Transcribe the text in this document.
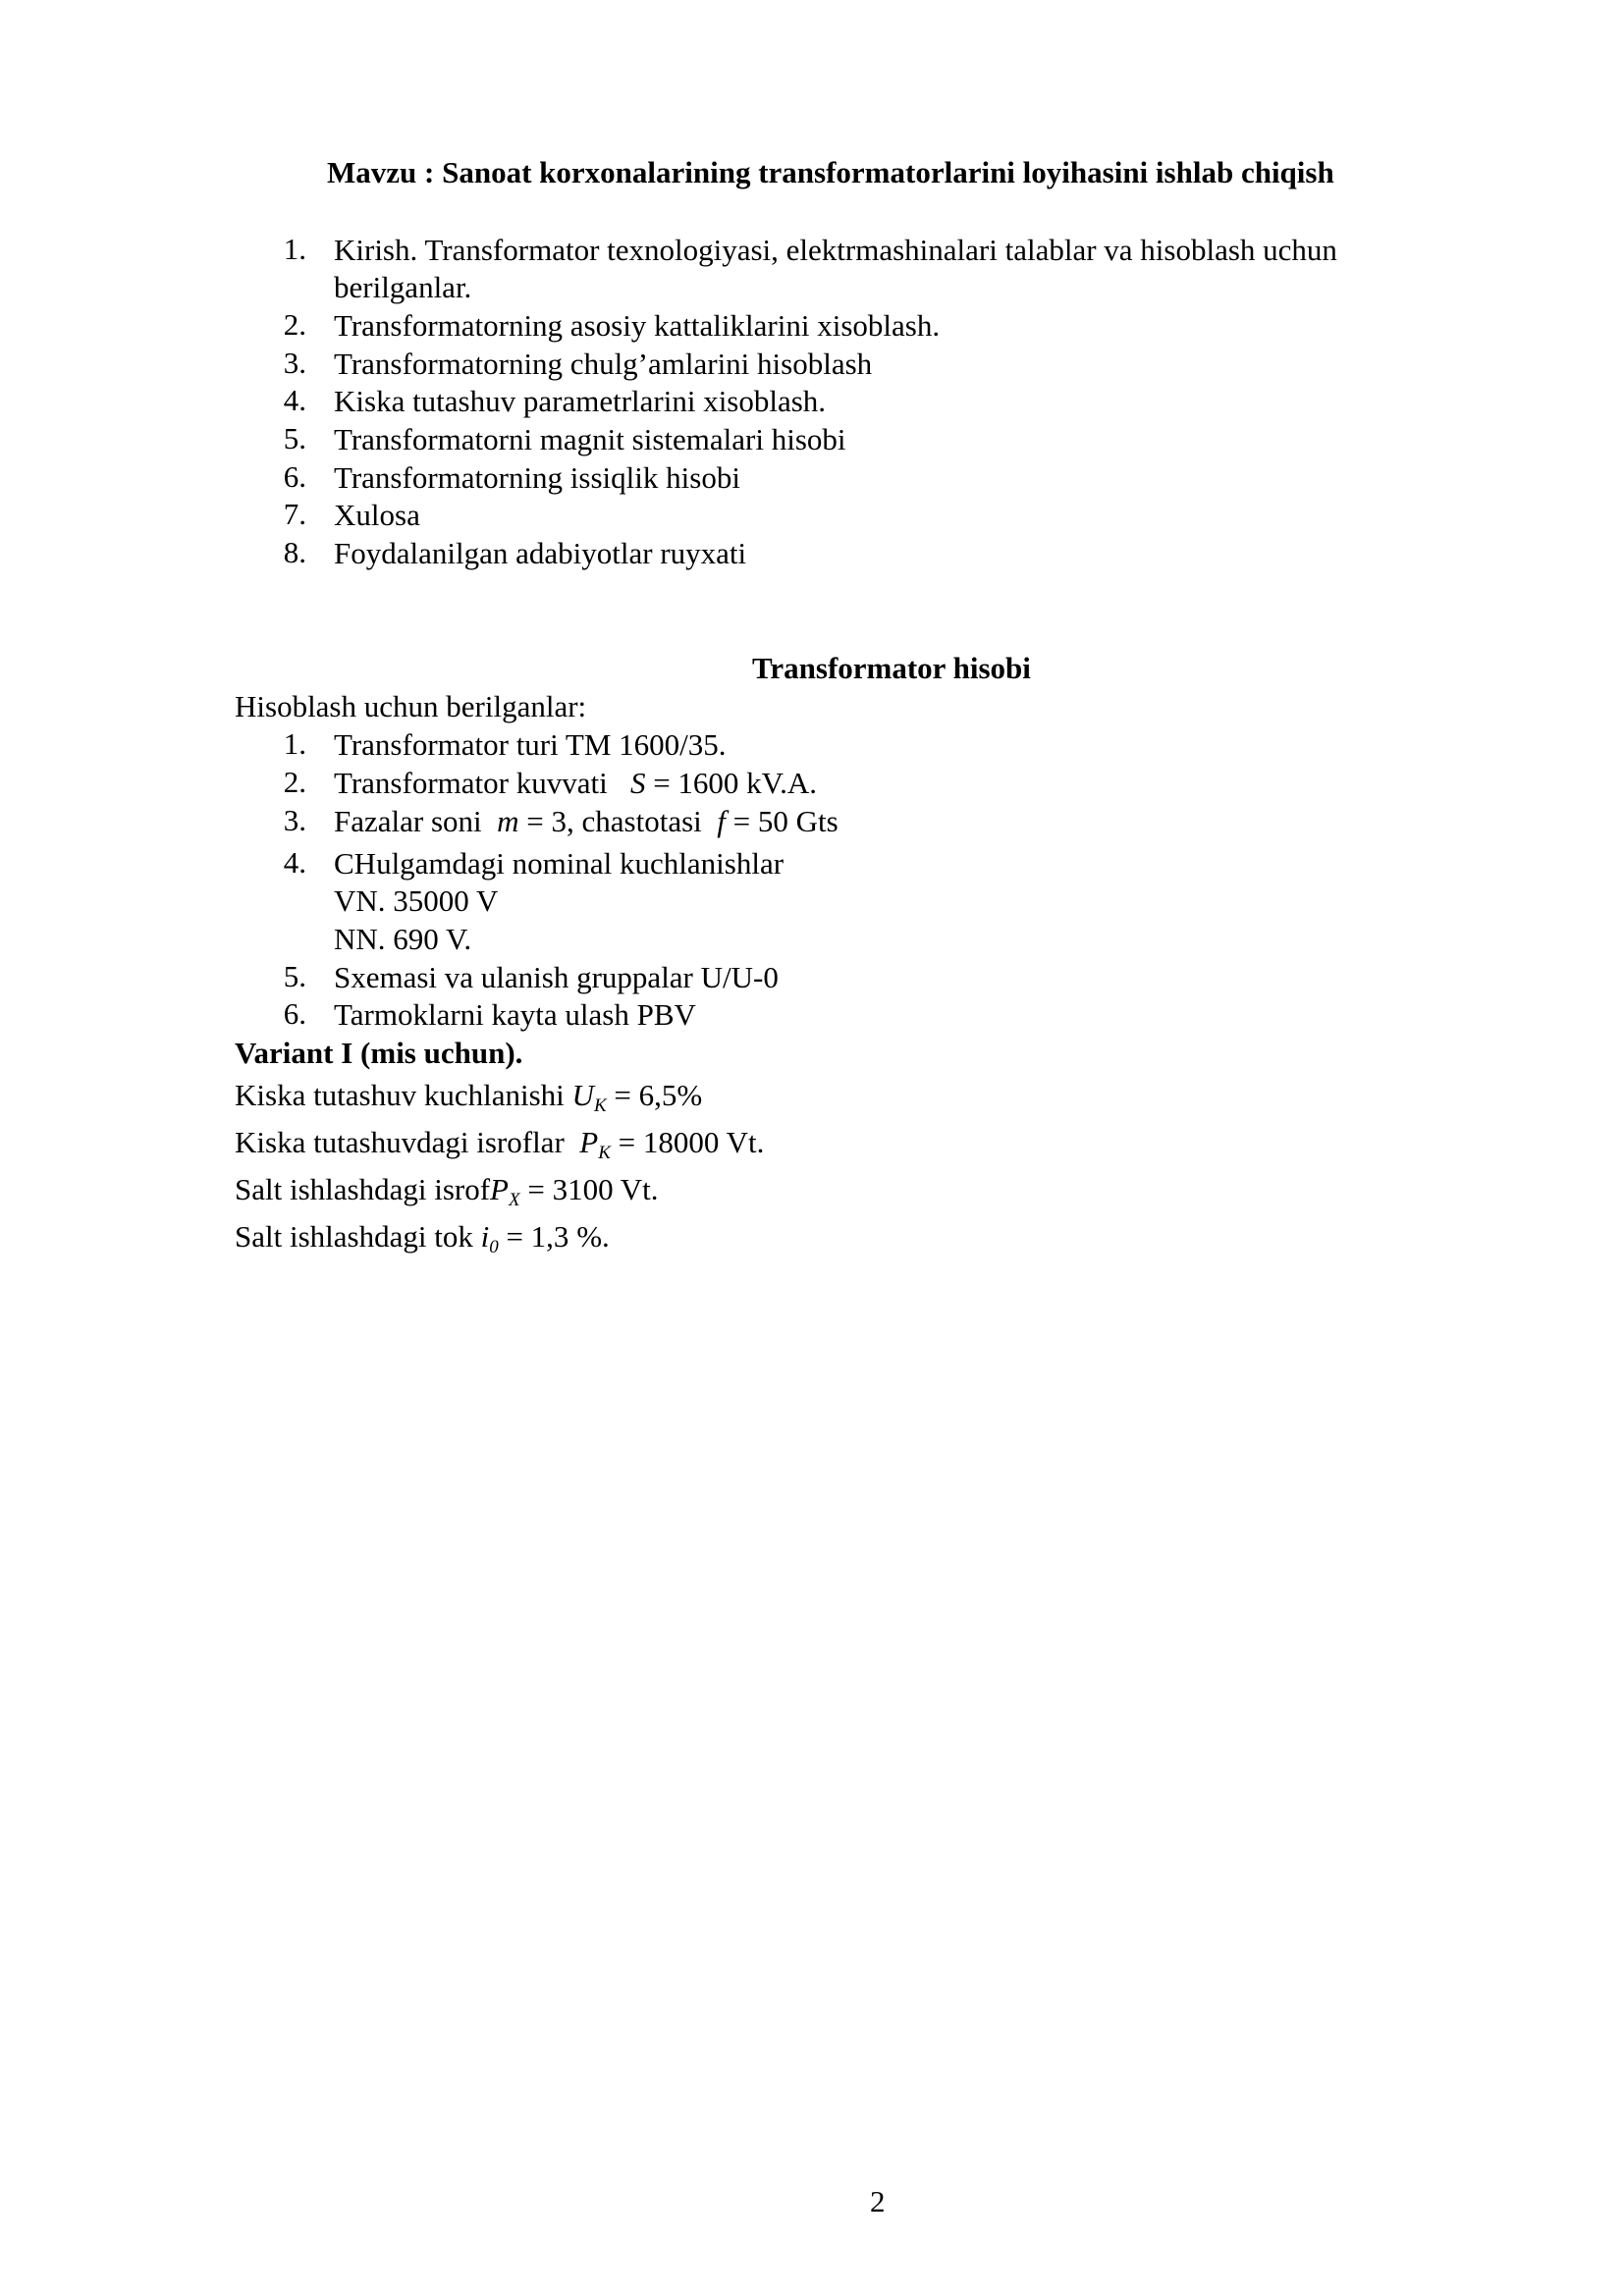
Mavzu : Sanoat korxonalarining transformatorlarini loyihasini ishlab chiqish
1. Kirish. Transformator texnologiyasi, elektrmashinalari talablar va hisoblash uchun
berilganlar.
2. Transformatorning asosiy kattaliklarini xisoblash.
3. Transformatorning chulg’amlarini hisoblash
4. Kiska tutashuv parametrlarini xisoblash.
5. Transformatorni magnit sistemalari hisobi
6. Transformatorning issiqlik hisobi
7. Xulosa
8. Foydalanilgan adabiyotlar ruyxati
Transformator hisobi
Hisoblash uchun berilganlar:
1. Transformator turi TM 1600/35.
2. Transformator kuvvati S = 1600 kV.A.
3. Fazalar soni m = 3, chastotasi f = 50 Gts
4. CHulgamdagi nominal kuchlanishlar
VN. 35000 V
NN. 690 V.
5. Sxemasi va ulanish gruppalar U/U-0
6. Tarmoklarni kayta ulash PBV
Variant I (mis uchun).
Kiska tutashuv kuchlanishi $U_K = 6,5\%$
Kiska tutashuvdagi isroflar $P_K = 18000$ Vt.
Salt ishlashdagi isrofP$_X$ = 3100 Vt.
Salt ishlashdagi tok $i_0 = 1,3$ %.
2
